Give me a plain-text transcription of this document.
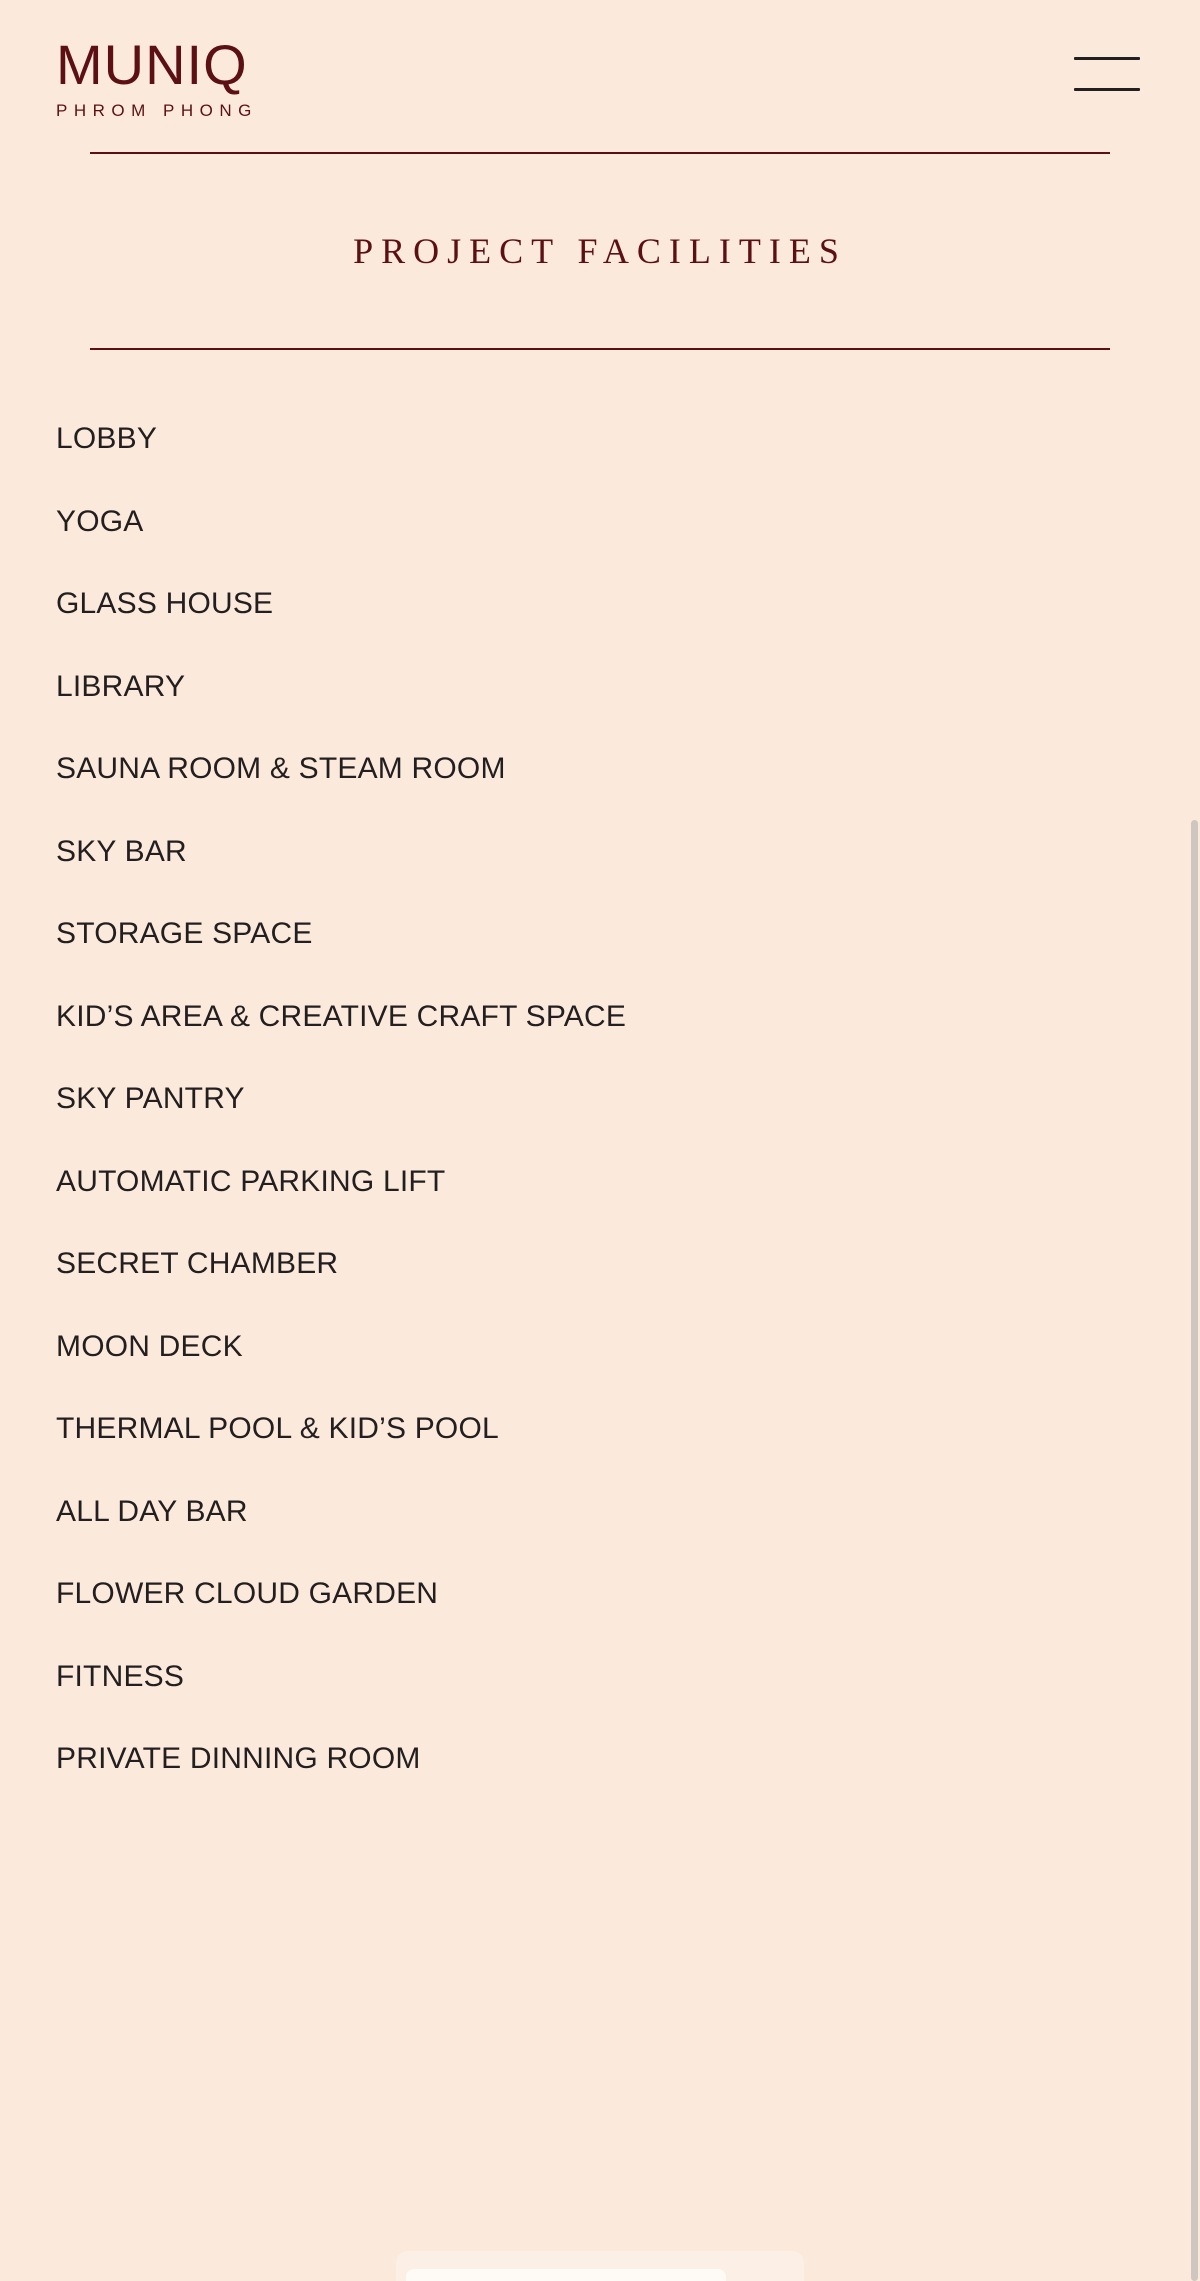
MUNIQ
PHROM PHONG
PROJECT FACILITIES
LOBBY
YOGA
GLASS HOUSE
LIBRARY
SAUNA ROOM & STEAM ROOM
SKY BAR
STORAGE SPACE
KID’S AREA & CREATIVE CRAFT SPACE
SKY PANTRY
AUTOMATIC PARKING LIFT
SECRET CHAMBER
MOON DECK
THERMAL POOL & KID’S POOL
ALL DAY BAR
FLOWER CLOUD GARDEN
FITNESS
PRIVATE DINNING ROOM
